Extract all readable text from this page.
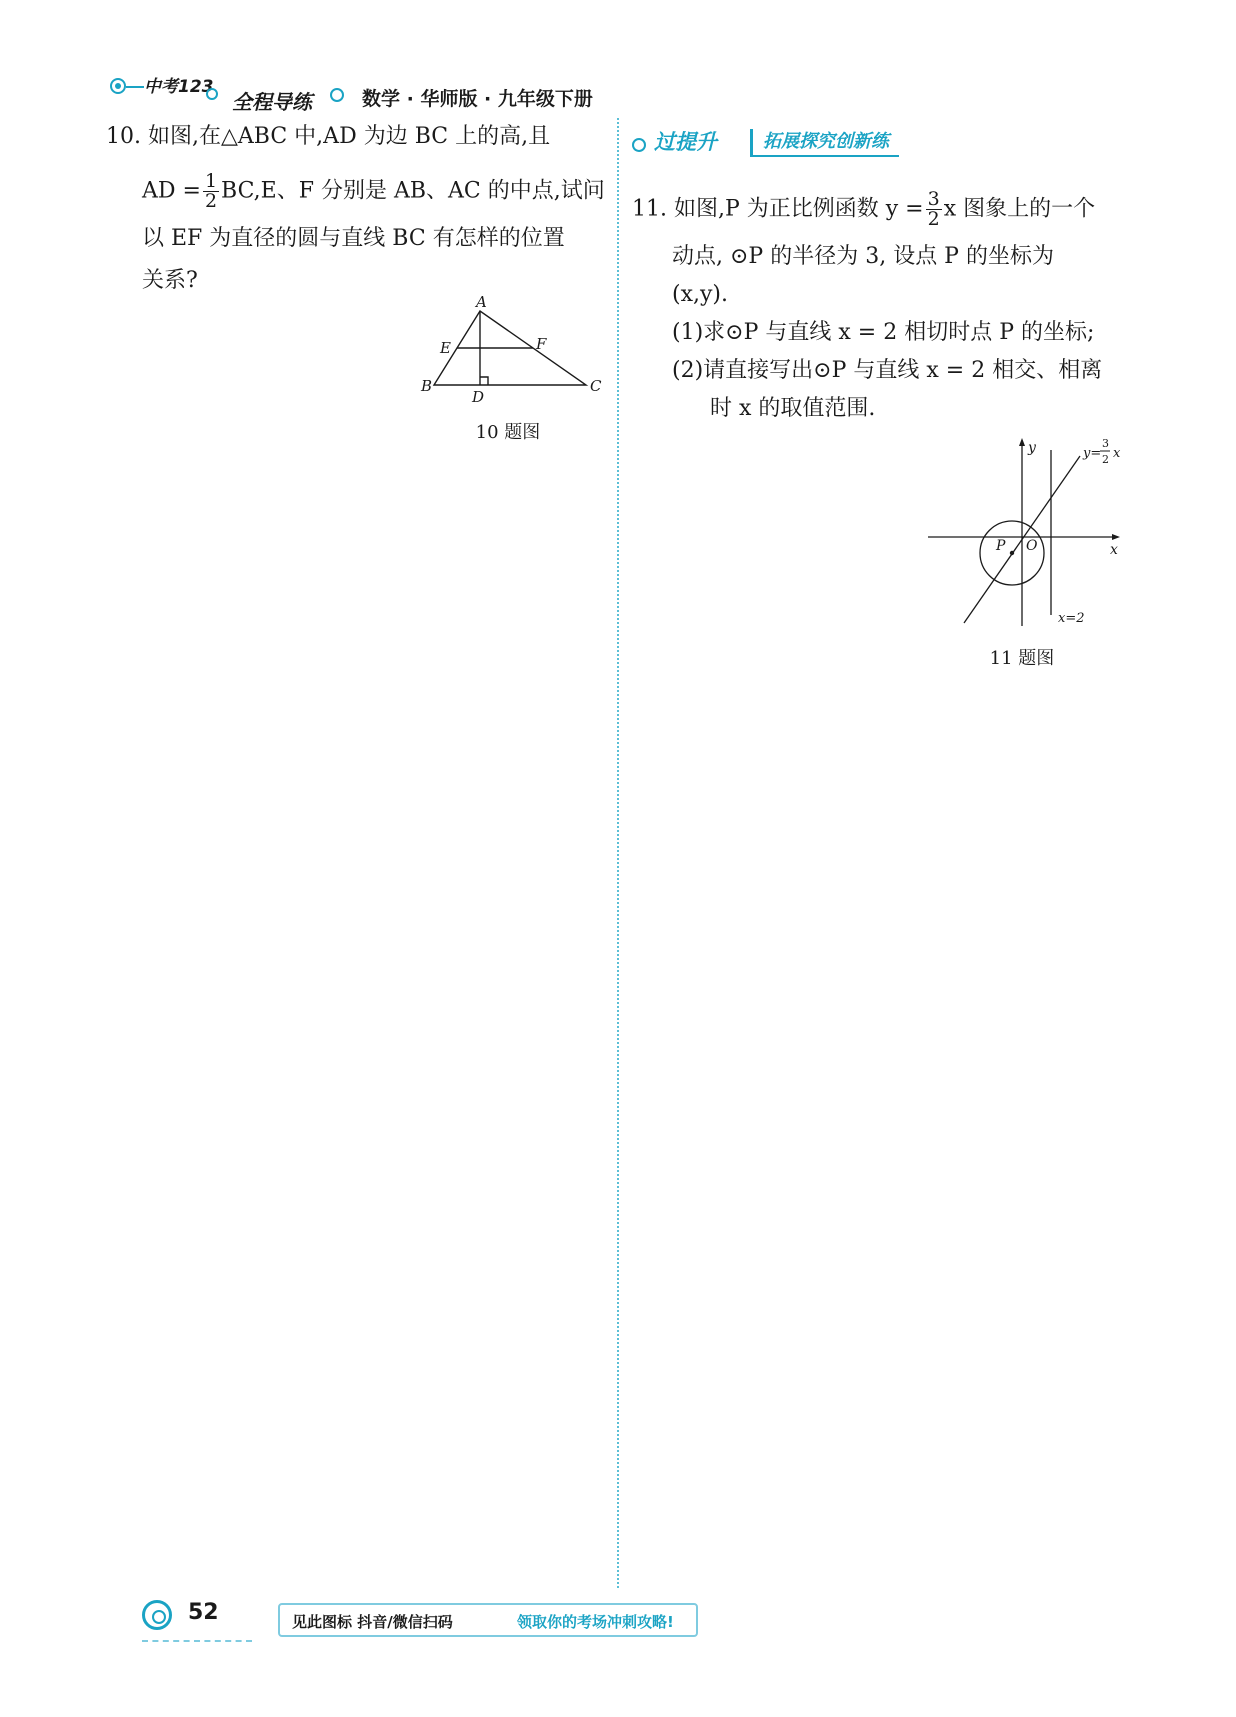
中考123
全程导练	数学 · 华师版 · 九年级下册
10. 如图,在△ABC 中,AD 为边 BC 上的高,且
AD = $\frac{1}{2} BC,E$、F 分别是 AB、AC 的中点,试问
以 EF 为直径的圆与直线 BC 有怎样的位置
关系?
A
B	C
D
E	F
10 题图
过提升	拓展探究创新练
11. 如图,P 为正比例函数 $y = \frac{3}{2}$ x 图象上的一个
动点, ⊙P 的半径为 3, 设点 P 的坐标为
(x,y).
(1)求⊙P 与直线 x = 2 相切时点 P 的坐标;
(2)请直接写出⊙P 与直线 x = 2 相交、相离
时 x 的取值范围.
y
x
O
P
x=2
y=
3
2 x
11 题图
52	见此图标 抖音/微信扫码	领取你的考场冲刺攻略!
